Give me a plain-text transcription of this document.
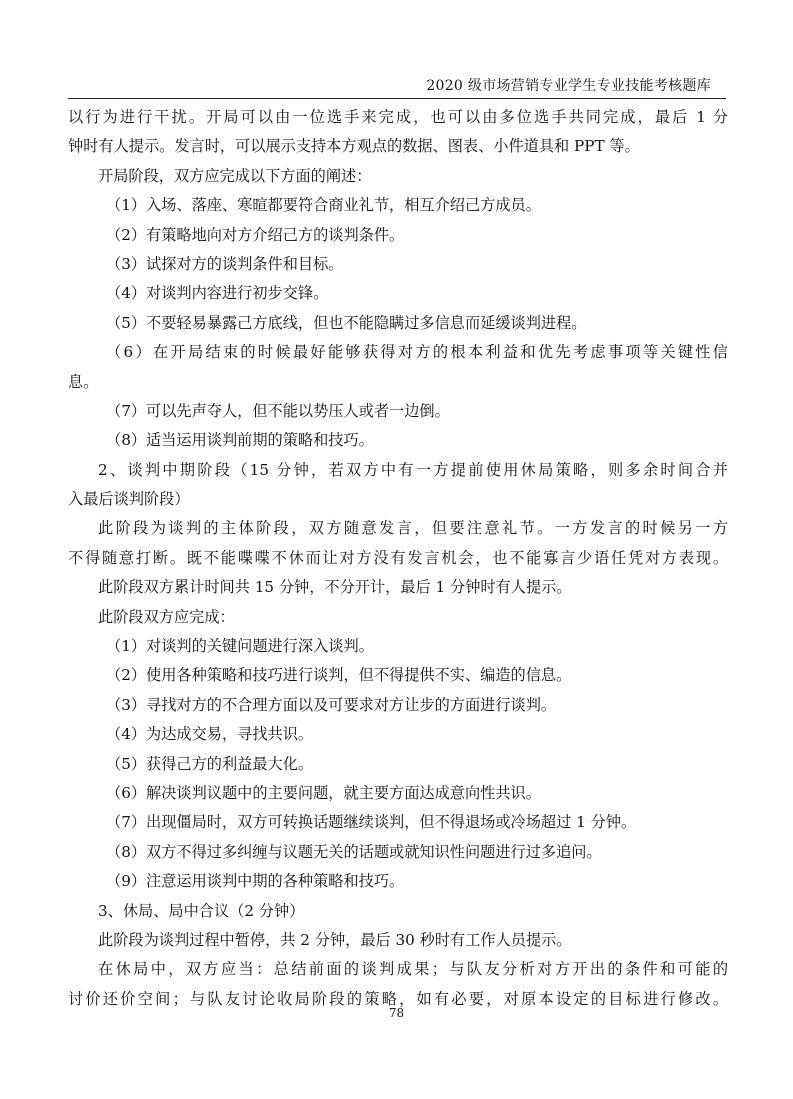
2020 级市场营销专业学生专业技能考核题库
以行为进行干扰。开局可以由一位选手来完成，也可以由多位选手共同完成，最后 1 分
钟时有人提示。发言时，可以展示支持本方观点的数据、图表、小件道具和 PPT 等。
开局阶段，双方应完成以下方面的阐述：
（1）入场、落座、寒暄都要符合商业礼节，相互介绍己方成员。
（2）有策略地向对方介绍己方的谈判条件。
（3）试探对方的谈判条件和目标。
（4）对谈判内容进行初步交锋。
（5）不要轻易暴露己方底线，但也不能隐瞒过多信息而延缓谈判进程。
（6）在开局结束的时候最好能够获得对方的根本利益和优先考虑事项等关键性信
息。
（7）可以先声夺人，但不能以势压人或者一边倒。
（8）适当运用谈判前期的策略和技巧。
2、谈判中期阶段（15 分钟，若双方中有一方提前使用休局策略，则多余时间合并
入最后谈判阶段）
此阶段为谈判的主体阶段，双方随意发言，但要注意礼节。一方发言的时候另一方
不得随意打断。既不能喋喋不休而让对方没有发言机会，也不能寡言少语任凭对方表现。
此阶段双方累计时间共 15 分钟，不分开计，最后 1 分钟时有人提示。
此阶段双方应完成：
（1）对谈判的关键问题进行深入谈判。
（2）使用各种策略和技巧进行谈判，但不得提供不实、编造的信息。
（3）寻找对方的不合理方面以及可要求对方让步的方面进行谈判。
（4）为达成交易，寻找共识。
（5）获得己方的利益最大化。
（6）解决谈判议题中的主要问题，就主要方面达成意向性共识。
（7）出现僵局时，双方可转换话题继续谈判，但不得退场或冷场超过 1 分钟。
（8）双方不得过多纠缠与议题无关的话题或就知识性问题进行过多追问。
（9）注意运用谈判中期的各种策略和技巧。
3、休局、局中合议（2 分钟）
此阶段为谈判过程中暂停，共 2 分钟，最后 30 秒时有工作人员提示。
在休局中，双方应当：总结前面的谈判成果；与队友分析对方开出的条件和可能的
讨价还价空间；与队友讨论收局阶段的策略，如有必要，对原本设定的目标进行修改。
78
